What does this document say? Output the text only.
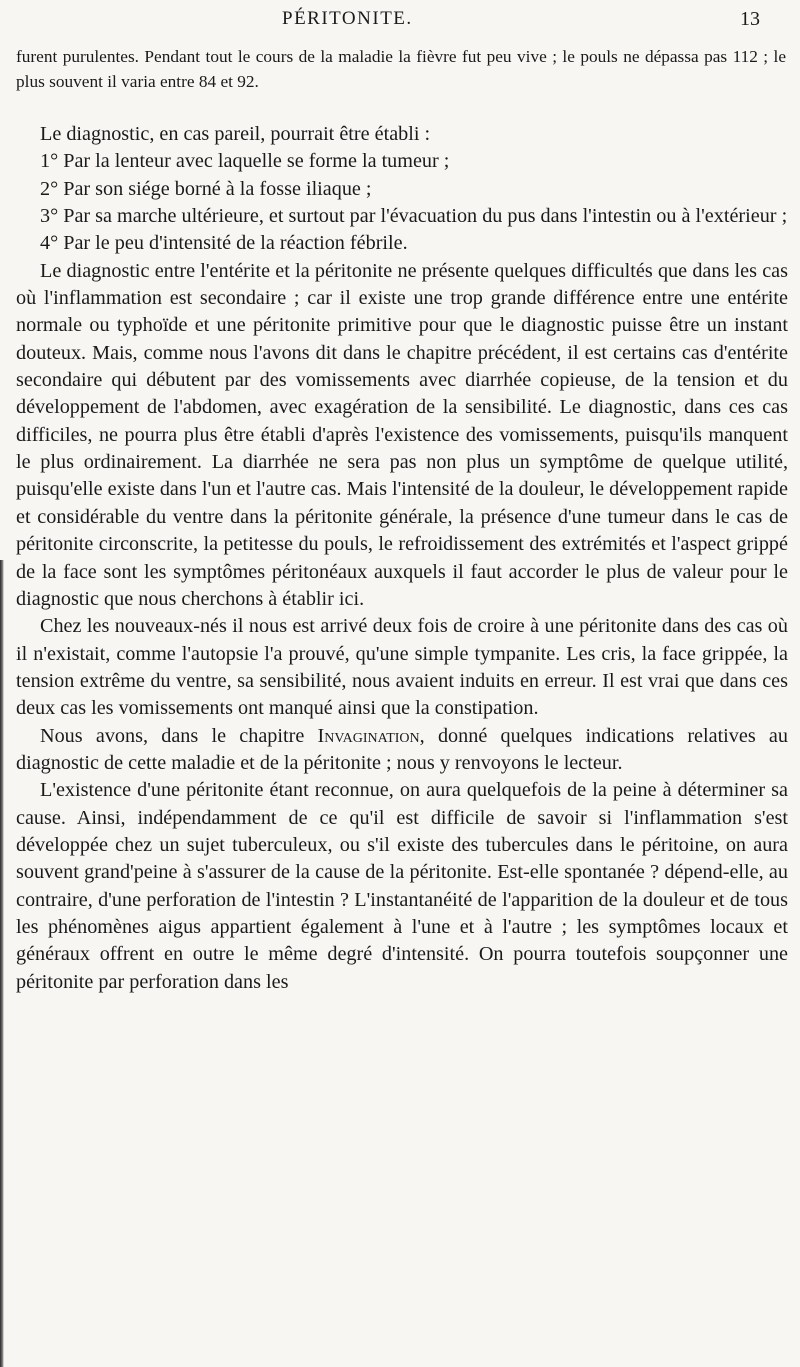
PÉRITONITE.	13
furent purulentes. Pendant tout le cours de la maladie la fièvre fut peu vive ; le pouls ne dépassa pas 112 ; le plus souvent il varia entre 84 et 92.

Le diagnostic, en cas pareil, pourrait être établi :

1° Par la lenteur avec laquelle se forme la tumeur ;

2° Par son siége borné à la fosse iliaque ;

3° Par sa marche ultérieure, et surtout par l'évacuation du pus dans l'intestin ou à l'extérieur ;

4° Par le peu d'intensité de la réaction fébrile.

Le diagnostic entre l'entérite et la péritonite ne présente quelques difficultés que dans les cas où l'inflammation est secondaire ; car il existe une trop grande différence entre une entérite normale ou typhoïde et une péritonite primitive pour que le diagnostic puisse être un instant douteux. Mais, comme nous l'avons dit dans le chapitre précédent, il est certains cas d'entérite secondaire qui débutent par des vomissements avec diarrhée copieuse, de la tension et du développement de l'abdomen, avec exagération de la sensibilité. Le diagnostic, dans ces cas difficiles, ne pourra plus être établi d'après l'existence des vomissements, puisqu'ils manquent le plus ordinairement. La diarrhée ne sera pas non plus un symptôme de quelque utilité, puisqu'elle existe dans l'un et l'autre cas. Mais l'intensité de la douleur, le développement rapide et considérable du ventre dans la péritonite générale, la présence d'une tumeur dans le cas de péritonite circonscrite, la petitesse du pouls, le refroidissement des extrémités et l'aspect grippé de la face sont les symptômes péritonéaux auxquels il faut accorder le plus de valeur pour le diagnostic que nous cherchons à établir ici.

Chez les nouveaux-nés il nous est arrivé deux fois de croire à une péritonite dans des cas où il n'existait, comme l'autopsie l'a prouvé, qu'une simple tympanite. Les cris, la face grippée, la tension extrême du ventre, sa sensibilité, nous avaient induits en erreur. Il est vrai que dans ces deux cas les vomissements ont manqué ainsi que la constipation.

Nous avons, dans le chapitre Invagination, donné quelques indications relatives au diagnostic de cette maladie et de la péritonite ; nous y renvoyons le lecteur.

L'existence d'une péritonite étant reconnue, on aura quelquefois de la peine à déterminer sa cause. Ainsi, indépendamment de ce qu'il est difficile de savoir si l'inflammation s'est développée chez un sujet tuberculeux, ou s'il existe des tubercules dans le péritoine, on aura souvent grand'peine à s'assurer de la cause de la péritonite. Est-elle spontanée ? dépend-elle, au contraire, d'une perforation de l'intestin ? L'instantanéité de l'apparition de la douleur et de tous les phénomènes aigus appartient également à l'une et à l'autre ; les symptômes locaux et généraux offrent en outre le même degré d'intensité. On pourra toutefois soupçonner une péritonite par perforation dans les
